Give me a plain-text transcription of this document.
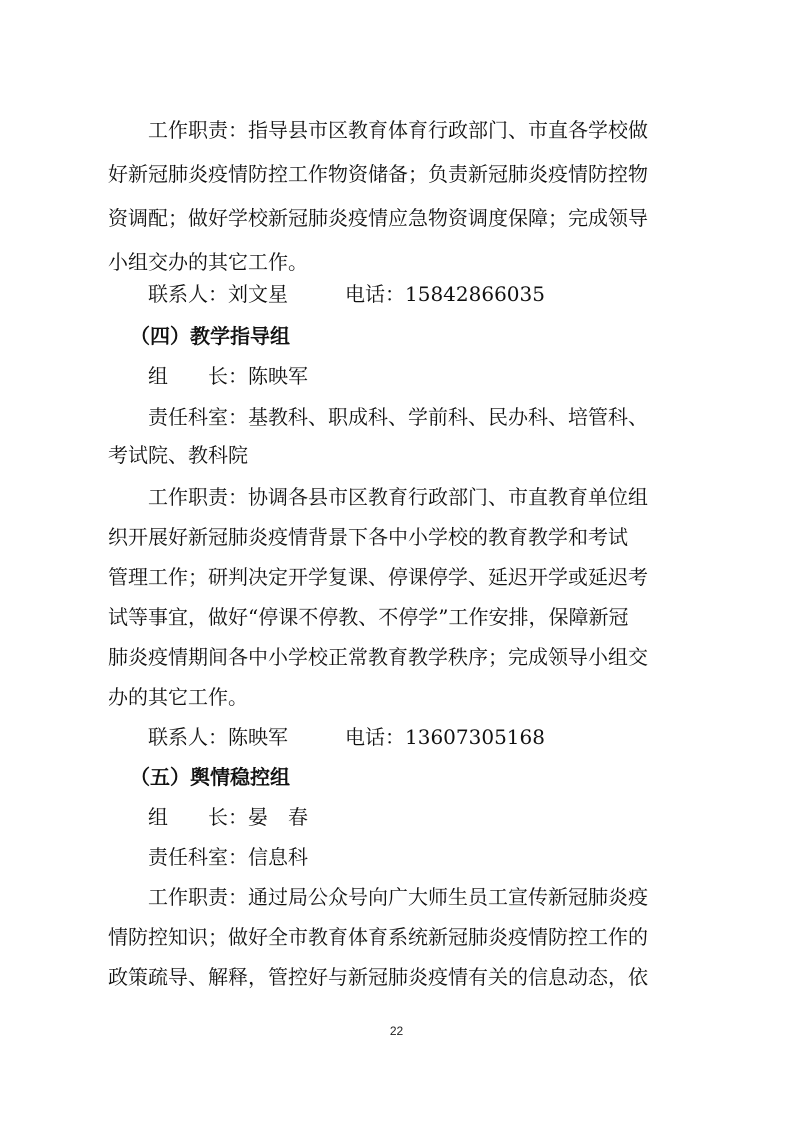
工作职责：指导县市区教育体育行政部门、市直各学校做
好新冠肺炎疫情防控工作物资储备；负责新冠肺炎疫情防控物
资调配；做好学校新冠肺炎疫情应急物资调度保障；完成领导
小组交办的其它工作。
联系人：刘文星	电话：15842866035
（四）教学指导组
组　　长：陈映军
责任科室：基教科、职成科、学前科、民办科、培管科、
考试院、教科院
工作职责：协调各县市区教育行政部门、市直教育单位组
织开展好新冠肺炎疫情背景下各中小学校的教育教学和考试
管理工作；研判决定开学复课、停课停学、延迟开学或延迟考
试等事宜，做好“停课不停教、不停学”工作安排，保障新冠
肺炎疫情期间各中小学校正常教育教学秩序；完成领导小组交
办的其它工作。
联系人：陈映军	电话：13607305168
（五）舆情稳控组
组　　长：晏　春
责任科室：信息科
工作职责：通过局公众号向广大师生员工宣传新冠肺炎疫
情防控知识；做好全市教育体育系统新冠肺炎疫情防控工作的
政策疏导、解释，管控好与新冠肺炎疫情有关的信息动态，依
22
